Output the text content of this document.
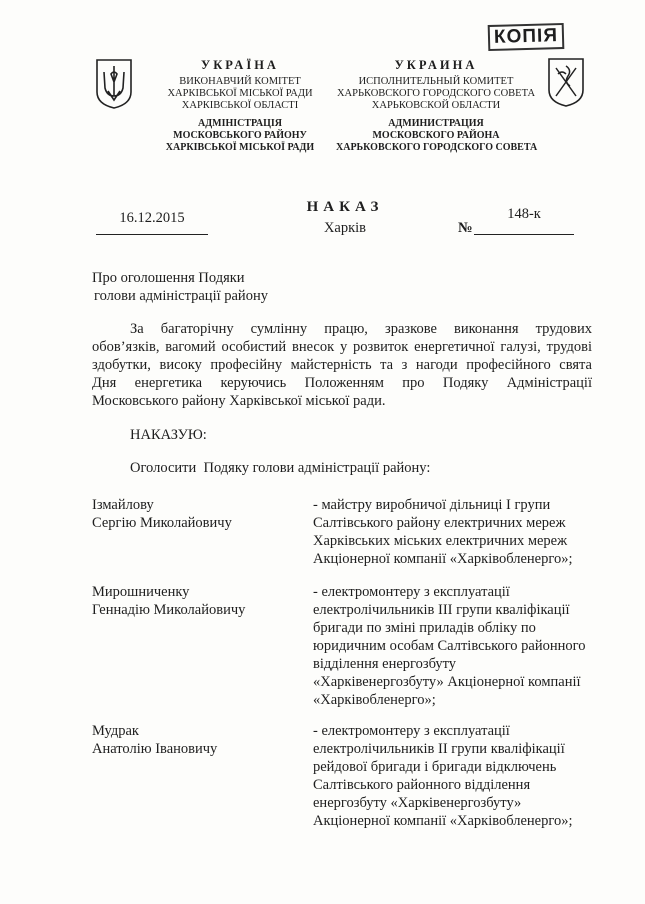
КОПІЯ
УКРАЇНА
ВИКОНАВЧИЙ КОМІТЕТ
ХАРКІВСЬКОЇ МІСЬКОЇ РАДИ
ХАРКІВСЬКОЇ ОБЛАСТІ
АДМІНІСТРАЦІЯ
МОСКОВСЬКОГО РАЙОНУ
ХАРКІВСЬКОЇ МІСЬКОЇ РАДИ
УКРАИНА
ИСПОЛНИТЕЛЬНЫЙ КОМИТЕТ
ХАРЬКОВСКОГО ГОРОДСКОГО СОВЕТА
ХАРЬКОВСКОЙ ОБЛАСТИ
АДМИНИСТРАЦИЯ
МОСКОВСКОГО РАЙОНА
ХАРЬКОВСКОГО ГОРОДСКОГО СОВЕТА
НАКАЗ
Харків
16.12.2015
№
148-к
Про оголошення Подяки
голови адміністрації району
За багаторічну сумлінну працю, зразкове виконання трудових
обов’язків, вагомий особистий внесок у розвиток енергетичної галузі, трудові
здобутки, високу професійну майстерність та з нагоди професійного свята
Дня енергетика керуючись Положенням про Подяку Адміністрації
Московського району Харківської міської ради.
НАКАЗУЮ:
Оголосити  Подяку голови адміністрації району:
Ізмайлову
Сергію Миколайовичу
- майстру виробничої дільниці І групи
Салтівського району електричних мереж
Харківських міських електричних мереж
Акціонерної компанії «Харківобленерго»;
Мирошниченку
Геннадію Миколайовичу
- електромонтеру з експлуатації
електролічильників ІІІ групи кваліфікації
бригади по зміні приладів обліку по
юридичним особам Салтівського районного
відділення енергозбуту
«Харківенергозбуту» Акціонерної компанії
«Харківобленерго»;
Мудрак
Анатолію Івановичу
- електромонтеру з експлуатації
електролічильників ІІ групи кваліфікації
рейдової бригади і бригади відключень
Салтівського районного відділення
енергозбуту «Харківенергозбуту»
Акціонерної компанії «Харківобленерго»;
